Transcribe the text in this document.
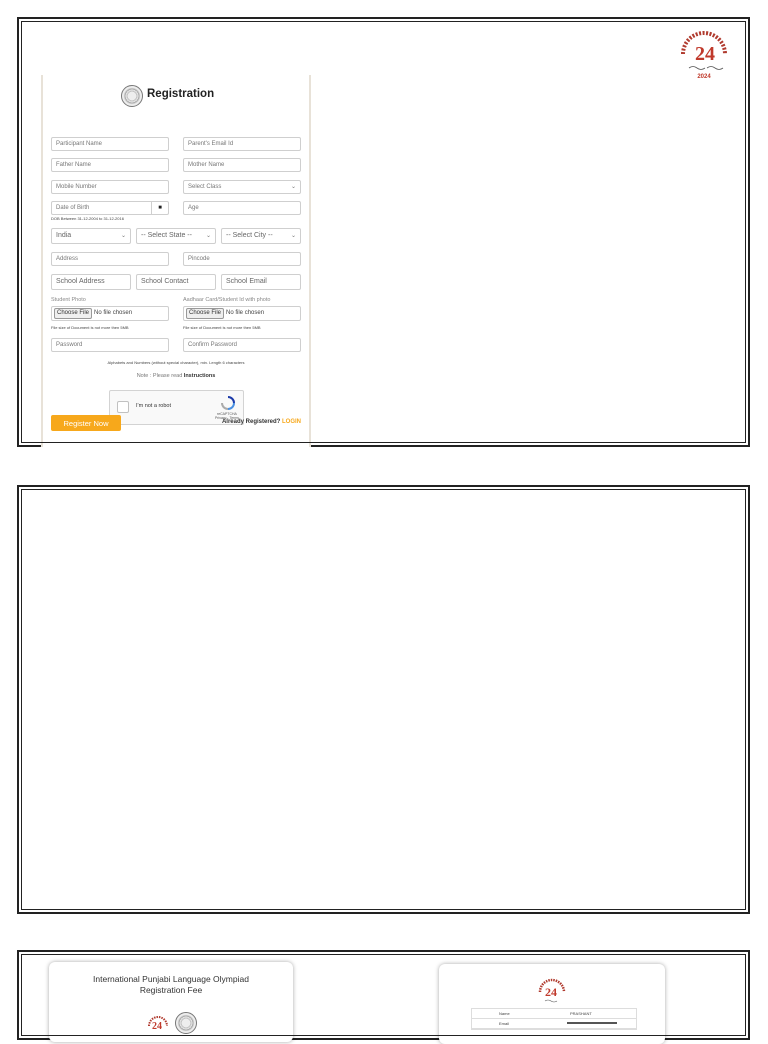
24
2024
Registration
Participant Name	Parent's Email Id
Father Name	Mother Name
Mobile Number	Select Class	⌄
Date of Birth	■	Age
DOB Between 31-12-2004 to 31-12-2016
India	⌄	-- Select State -- ⌄	-- Select City --	⌄
Address	Pincode
School Address	School Contact	School Email
Student Photo	Aadhaar Card/Student Id with photo
Choose File No file chosen	Choose File No file chosen
File size of Document is not more then 5MB	File size of Document is not more then 5MB
Password	Confirm Password
Alphabets and Numbers (without special character), min. Length 6 characters
Note : Please read Instructions
I'm not a robot
reCAPTCHA
Privacy - Terms
Register Now	Already Registered? LOGIN
International Punjabi Language Olympiad
Registration Fee
24
24
Name	PRASHANT
Email
